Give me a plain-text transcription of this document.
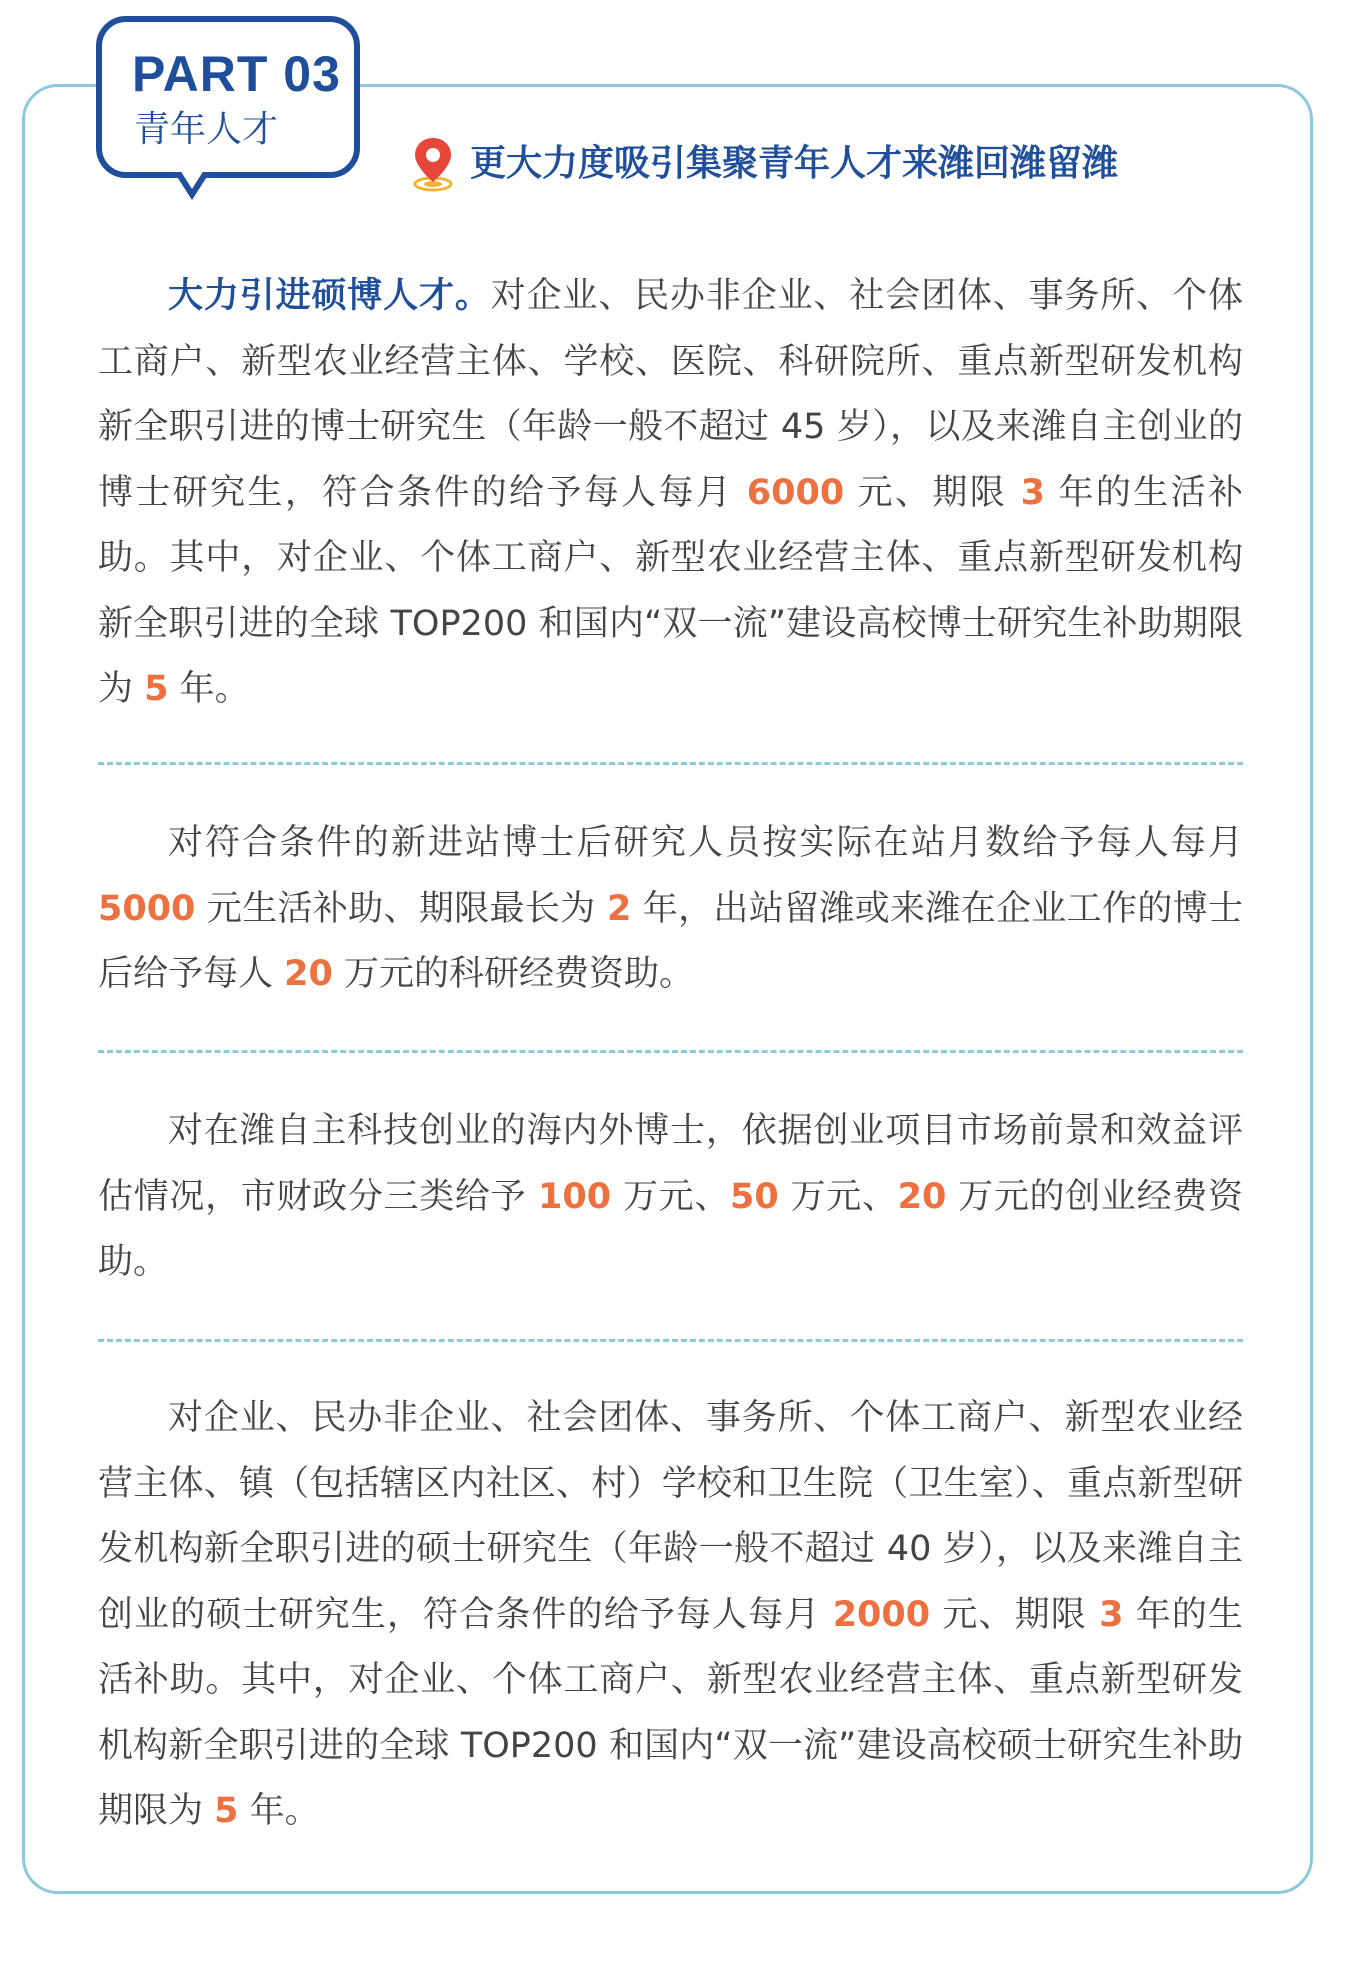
PART 03
青年人才
更大力度吸引集聚青年人才来潍回潍留潍

大力引进硕博人才。对企业、民办非企业、社会团体、事务所、个体工商户、新型农业经营主体、学校、医院、科研院所、重点新型研发机构新全职引进的博士研究生（年龄一般不超过 45 岁），以及来潍自主创业的博士研究生，符合条件的给予每人每月 6000 元、期限 3 年的生活补助。其中，对企业、个体工商户、新型农业经营主体、重点新型研发机构新全职引进的全球 TOP200 和国内“双一流”建设高校博士研究生补助期限为 5 年。

对符合条件的新进站博士后研究人员按实际在站月数给予每人每月 5000 元生活补助、期限最长为 2 年，出站留潍或来潍在企业工作的博士后给予每人 20 万元的科研经费资助。

对在潍自主科技创业的海内外博士，依据创业项目市场前景和效益评估情况，市财政分三类给予 100 万元、50 万元、20 万元的创业经费资助。

对企业、民办非企业、社会团体、事务所、个体工商户、新型农业经营主体、镇（包括辖区内社区、村）学校和卫生院（卫生室）、重点新型研发机构新全职引进的硕士研究生（年龄一般不超过 40 岁），以及来潍自主创业的硕士研究生，符合条件的给予每人每月 2000 元、期限 3 年的生活补助。其中，对企业、个体工商户、新型农业经营主体、重点新型研发机构新全职引进的全球 TOP200 和国内“双一流”建设高校硕士研究生补助期限为 5 年。
